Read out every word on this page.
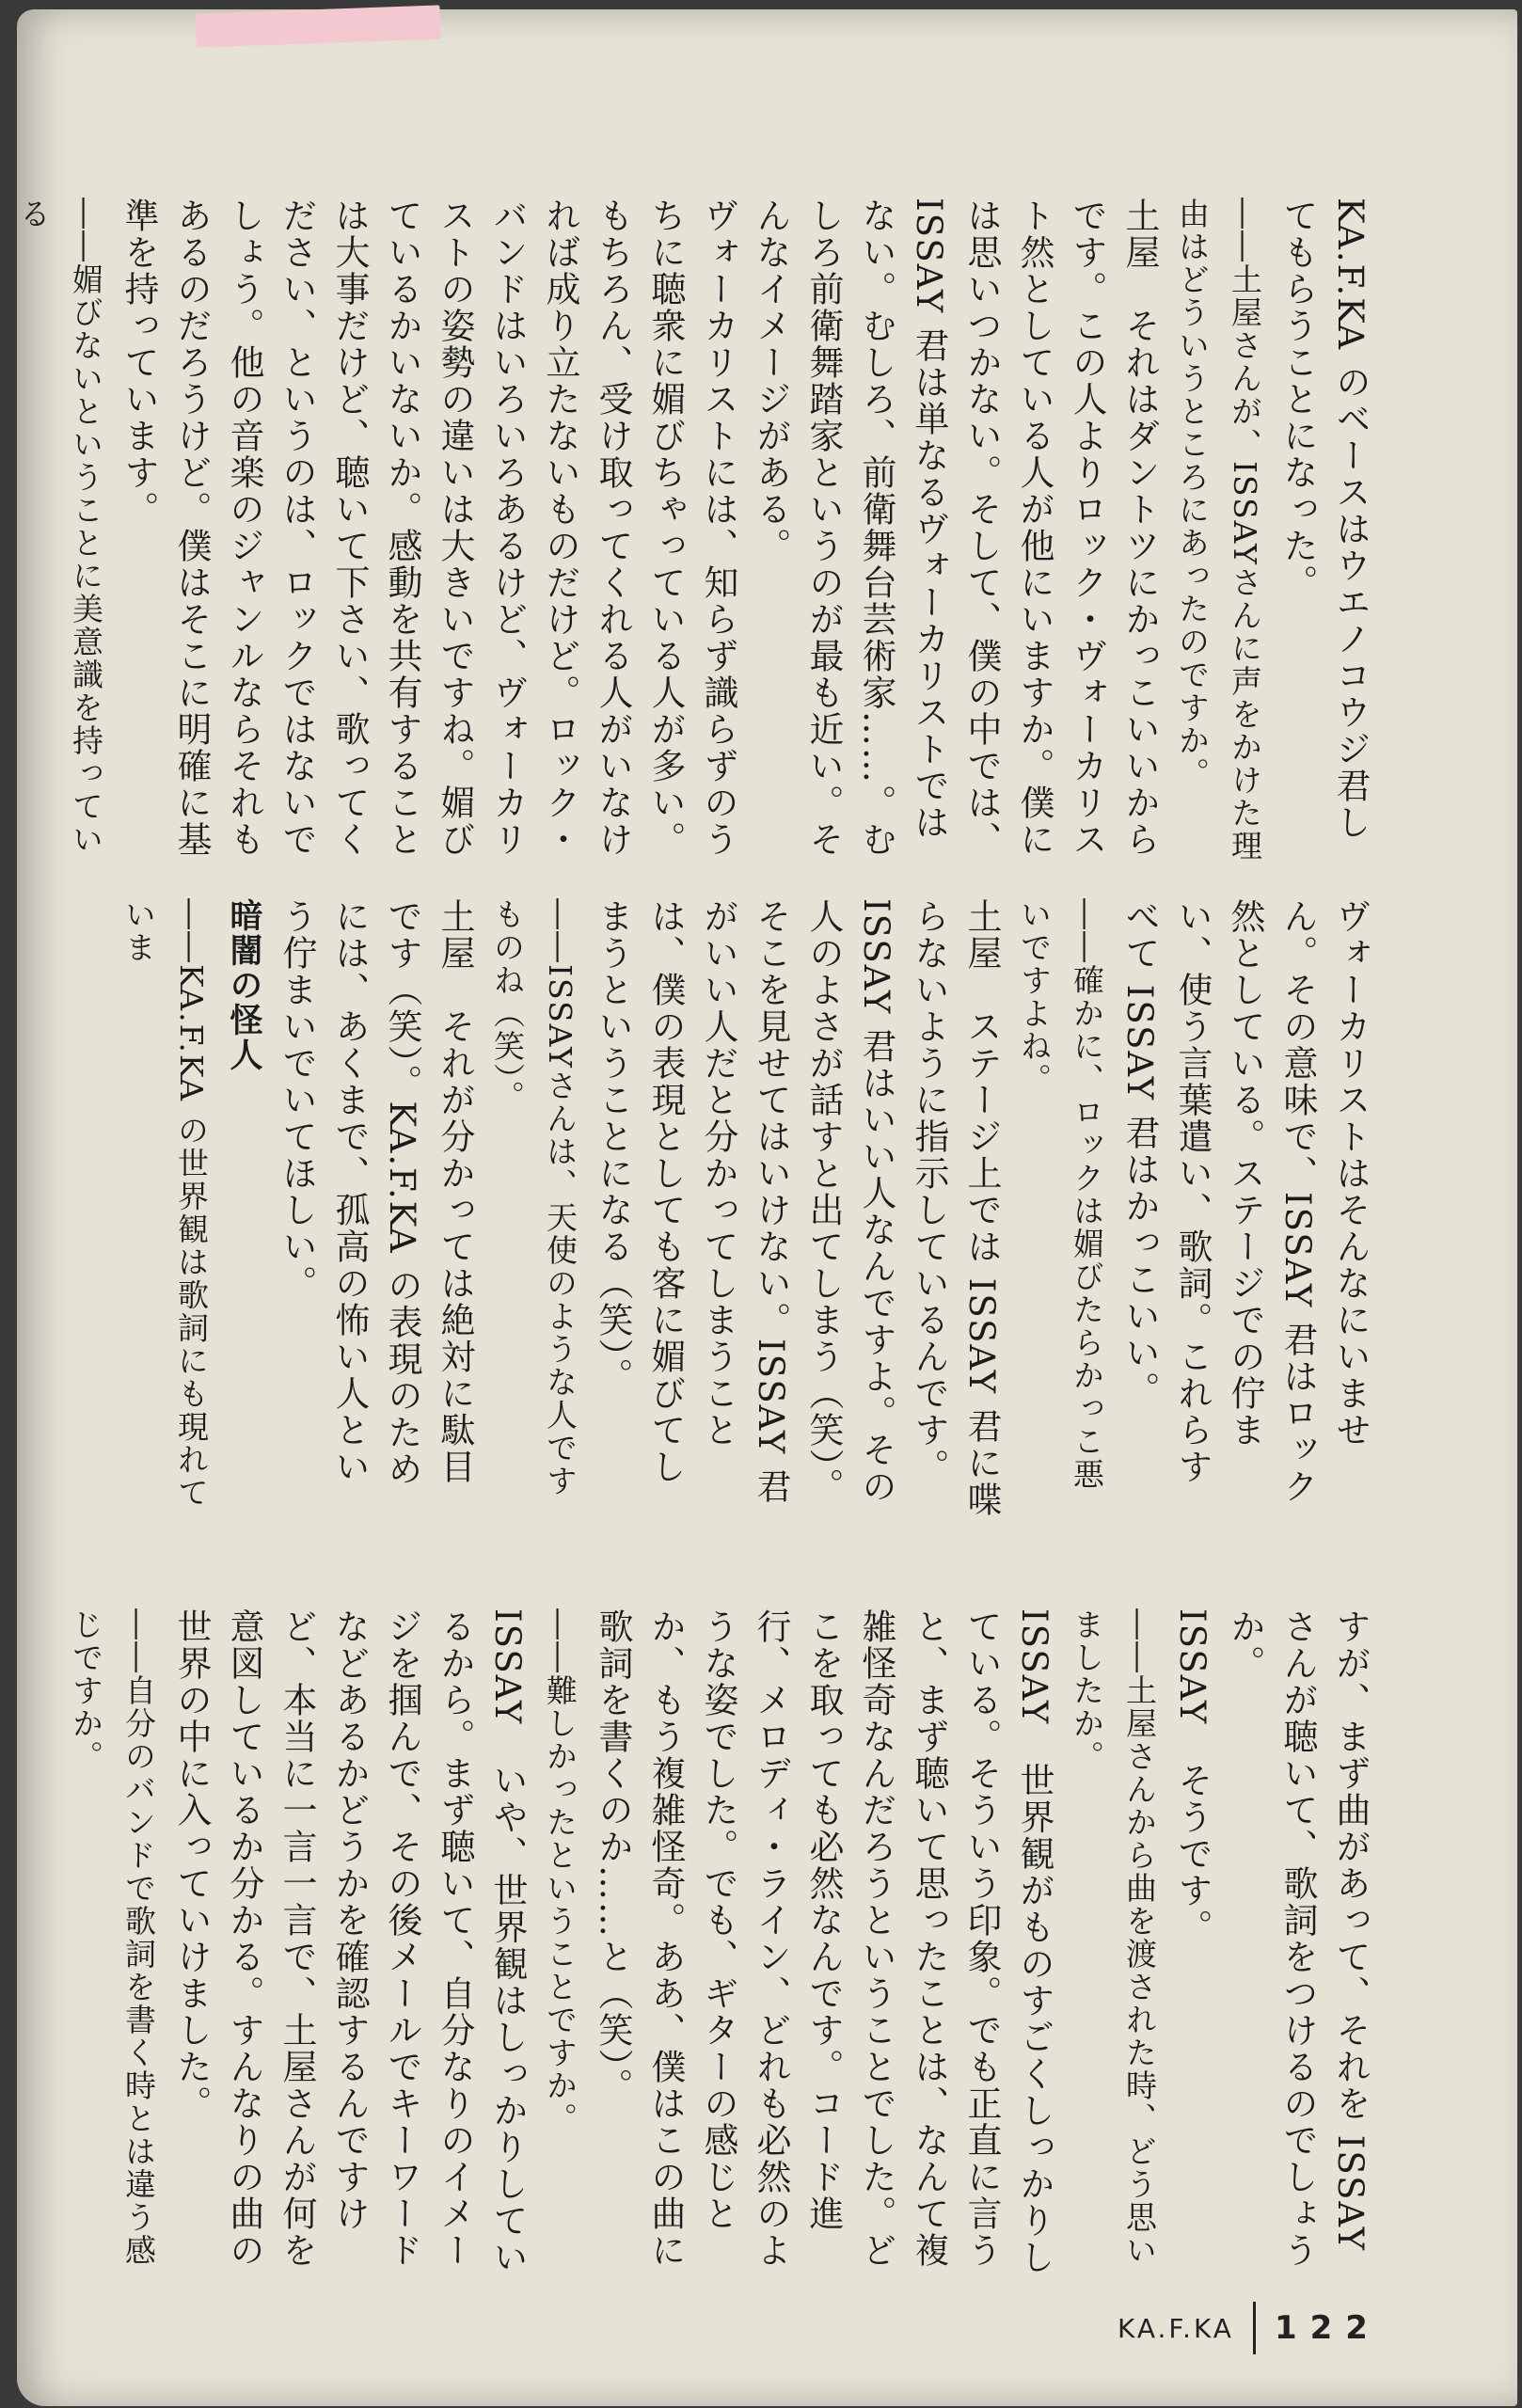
KA.F.KA のベースはウエノコウジ君してもらうことになった。

――土屋さんが、ISSAYさんに声をかけた理由はどういうところにあったのですか。

土屋　それはダントツにかっこいいからです。この人よりロック・ヴォーカリスト然としている人が他にいますか。僕には思いつかない。そして、僕の中では、ISSAY 君は単なるヴォーカリストではない。むしろ、前衛舞台芸術家……。むしろ前衛舞踏家というのが最も近い。そんなイメージがある。

ヴォーカリストには、知らず識らずのうちに聴衆に媚びちゃっている人が多い。もちろん、受け取ってくれる人がいなければ成り立たないものだけど。ロック・バンドはいろいろあるけど、ヴォーカリストの姿勢の違いは大きいですね。媚びているかいないか。感動を共有することは大事だけど、聴いて下さい、歌ってください、というのは、ロックではないでしょう。他の音楽のジャンルならそれもあるのだろうけど。僕はそこに明確に基準を持っています。

――媚びないということに美意識を持っている

ヴォーカリストはそんなにいません。その意味で、ISSAY 君はロック然としている。ステージでの佇まい、使う言葉遣い、歌詞。これらすべて ISSAY 君はかっこいい。

――確かに、ロックは媚びたらかっこ悪いですよね。

土屋　ステージ上では ISSAY 君に喋らないように指示しているんです。ISSAY 君はいい人なんですよ。その人のよさが話すと出てしまう（笑）。そこを見せてはいけない。ISSAY 君がいい人だと分かってしまうことは、僕の表現としても客に媚びてしまうということになる（笑）。

――ISSAYさんは、天使のような人ですものね（笑）。

土屋　それが分かっては絶対に駄目です（笑）。KA.F.KA の表現のためには、あくまで、孤高の怖い人という佇まいでいてほしい。

暗闇の怪人

――KA.F.KA の世界観は歌詞にも現れていま

すが、まず曲があって、それを ISSAYさんが聴いて、歌詞をつけるのでしょうか。

ISSAY　そうです。

――土屋さんから曲を渡された時、どう思いましたか。

ISSAY　世界観がものすごくしっかりしている。そういう印象。でも正直に言うと、まず聴いて思ったことは、なんて複雑怪奇なんだろうということでした。どこを取っても必然なんです。コード進行、メロディ・ライン、どれも必然のような姿でした。でも、ギターの感じとか、もう複雑怪奇。ああ、僕はこの曲に歌詞を書くのか……と（笑）。

――難しかったということですか。

ISSAY　いや、世界観はしっかりしているから。まず聴いて、自分なりのイメージを掴んで、その後メールでキーワードなどあるかどうかを確認するんですけど、本当に一言一言で、土屋さんが何を意図しているか分かる。すんなりの曲の世界の中に入っていけました。

――自分のバンドで歌詞を書く時とは違う感じですか。

KA.F.KA 122
